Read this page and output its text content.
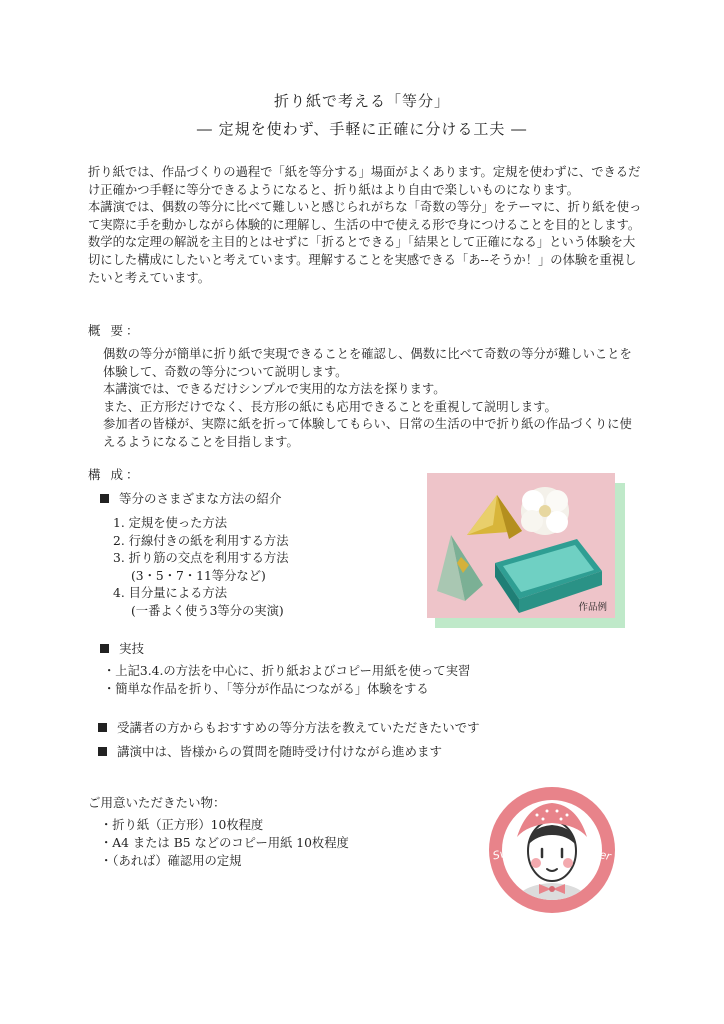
折り紙で考える「等分」
― 定規を使わず、手軽に正確に分ける工夫 ―

折り紙では、作品づくりの過程で「紙を等分する」場面がよくあります。定規を使わずに、できるだけ正確かつ手軽に等分できるようになると、折り紙はより自由で楽しいものになります。

本講演では、偶数の等分に比べて難しいと感じられがちな「奇数の等分」をテーマに、折り紙を使って実際に手を動かしながら体験的に理解し、生活の中で使える形で身につけることを目的とします。

数学的な定理の解説を主目的とはせずに「折るとできる」「結果として正確になる」という体験を大切にした構成にしたいと考えています。理解することを実感できる「あ--そうか！」の体験を重視したいと考えています。

概 要：

偶数の等分が簡単に折り紙で実現できることを確認し、偶数に比べて奇数の等分が難しいことを体験して、奇数の等分について説明します。

本講演では、できるだけシンプルで実用的な方法を探ります。

また、正方形だけでなく、長方形の紙にも応用できることを重視して説明します。

参加者の皆様が、実際に紙を折って体験してもらい、日常の生活の中で折り紙の作品づくりに使えるようになることを目指します。

構 成：
等分のさまざまな方法の紹介
1. 定規を使った方法
2. 行線付きの紙を利用する方法
3. 折り筋の交点を利用する方法
(3・5・7・11等分など)
4. 目分量による方法
(一番よく使う3等分の実演)	作品例
実技
・上記3.4.の方法を中心に、折り紙およびコピー用紙を使って実習
・簡単な作品を折り、「等分が作品につながる」体験をする
受講者の方からもおすすめの等分方法を教えていただきたいです
講演中は、皆様からの質問を随時受け付けながら進めます
ご用意いただきたい物：
・折り紙（正方形）10枚程度
・A4 または B5 などのコピー用紙 10枚程度
・（あれば）確認用の定規	Sweet	Paper
